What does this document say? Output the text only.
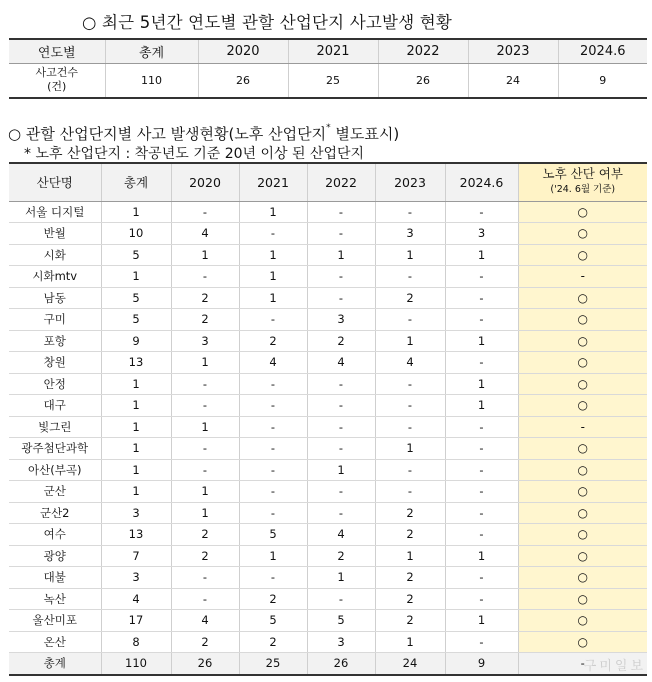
○ 최근 5년간 연도별 관할 산업단지 사고발생 현황
연도별	총계	2020	2021	2022	2023	2024.6

사고건수
(건)	110	26	25	26	24	9
○ 관할 산업단지별 사고 발생현황(노후 산업단지* 별도표시)
* 노후 산업단지 : 착공년도 기준 20년 이상 된 산업단지
산단명	총계	2020	2021	2022	2023	2024.6	노후 산단 여부
('24. 6월 기준)

서울 디지털	1	-	1	-	-	-	○
반월	10	4	-	-	3	3	○
시화	5	1	1	1	1	1	○
시화mtv	1	-	1	-	-	-	-
남동	5	2	1	-	2	-	○
구미	5	2	-	3	-	-	○
포항	9	3	2	2	1	1	○
창원	13	1	4	4	4	-	○
안정	1	-	-	-	-	1	○
대구	1	-	-	-	-	1	○
빛그린	1	1	-	-	-	-	-
광주첨단과학	1	-	-	-	1	-	○
아산(부곡)	1	-	-	1	-	-	○
군산	1	1	-	-	-	-	○
군산2	3	1	-	-	2	-	○
여수	13	2	5	4	2	-	○
광양	7	2	1	2	1	1	○
대불	3	-	-	1	2	-	○
녹산	4	-	2	-	2	-	○
울산미포	17	4	5	5	2	1	○
온산	8	2	2	3	1	-	○
총계	110	26	25	26	24	9	-
구미일보
